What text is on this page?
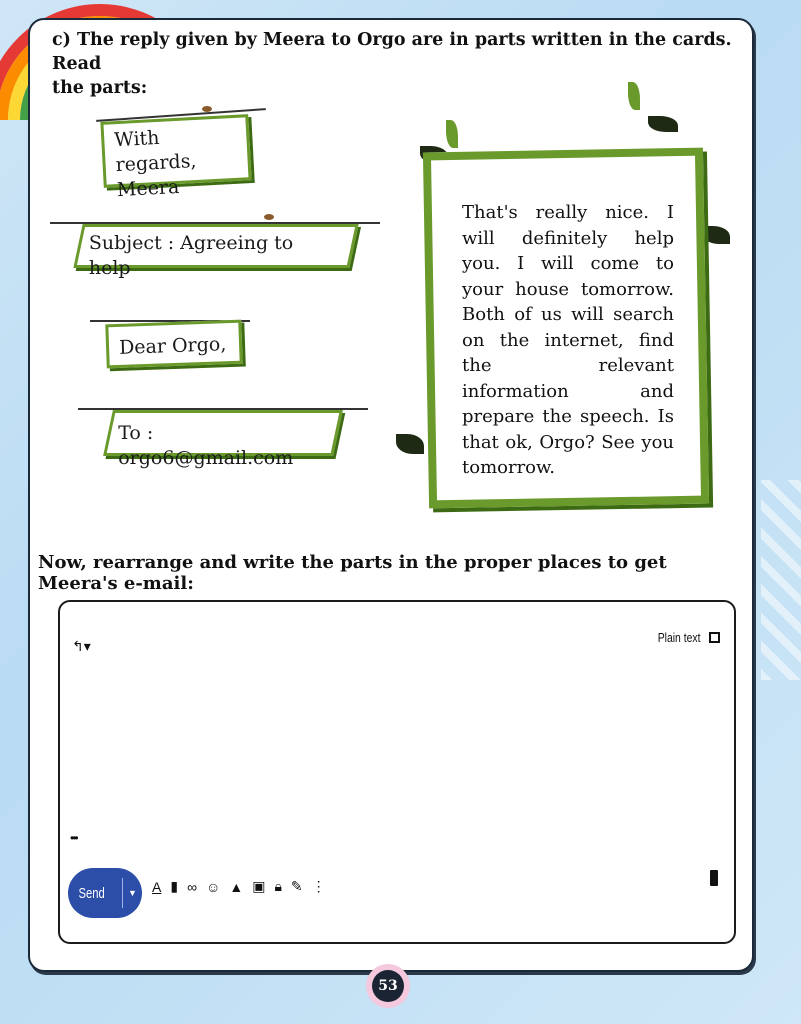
c) The reply given by Meera to Orgo are in parts written in the cards. Read
the parts:
With regards,
Meera
Subject : Agreeing to help
Dear Orgo,
To : orgo6@gmail.com
That's really nice. I will definitely help you. I will come to your house tomorrow. Both of us will search on the internet, find the relevant information and prepare the speech. Is that ok, Orgo? See you tomorrow.
Now, rearrange and write the parts in the proper places to get Meera's e-mail:
↰▾
Plain text
•••
Send	▼ A ▮ ∞ ☺ ▲ ▣ 🔒︎ ✎ ⋮
53
